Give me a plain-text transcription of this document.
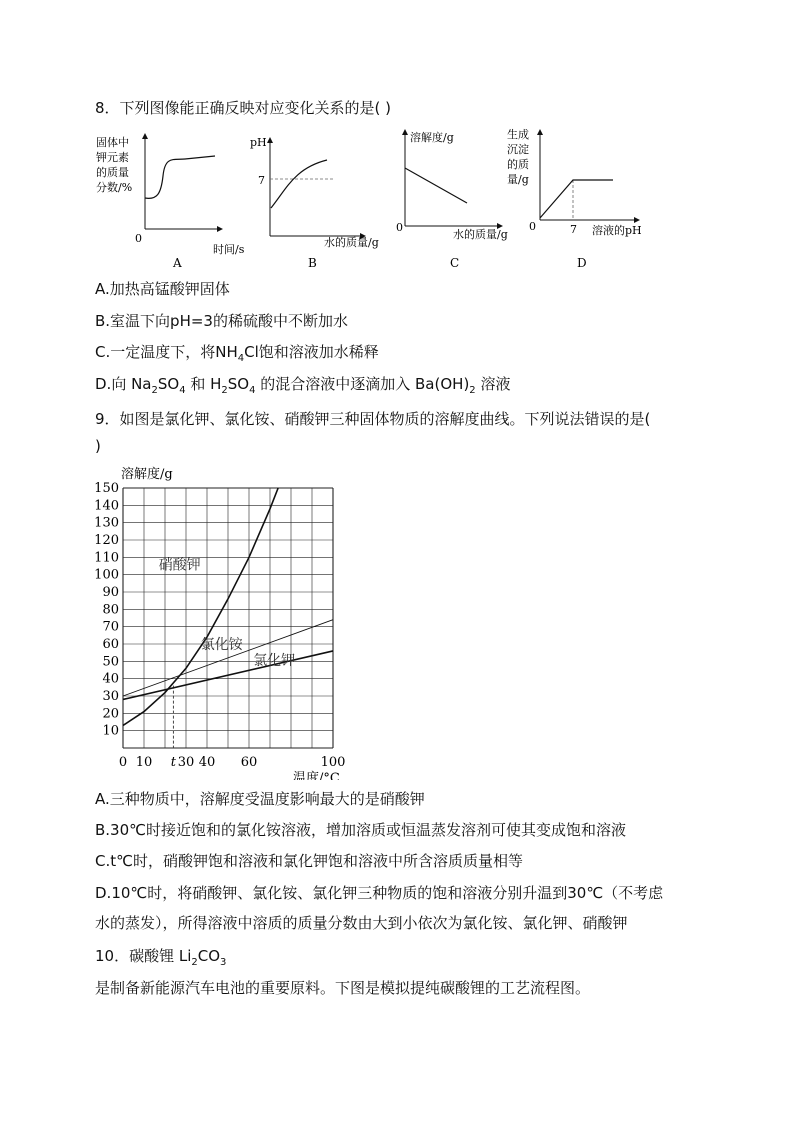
8．下列图像能正确反映对应变化关系的是( )
固体中
钾元素
的质量
分数/%
0
时间/s
A
pH
7
水的质量/g
B
溶解度/g
0
水的质量/g
C
生成
沉淀
的质
量/g
0	7 溶液的pH
D
A.加热高锰酸钾固体
B.室温下向pH=3的稀硫酸中不断加水
C.一定温度下，将$NH_4Cl$饱和溶液加水稀释
D.向 $Na_2SO_4$ 和 $H_2SO_4$ 的混合溶液中逐滴加入 $Ba(OH)_2$ 溶液
9．如图是氯化钾、氯化铵、硝酸钾三种固体物质的溶解度曲线。下列说法错误的是(
)
10
20
30
40
50
60
70
80
90
100
110
120
130
140
150
0 10 t 30 40 60	100
溶解度/g
温度/°C
硝酸钾
氯化铵
氯化钾
A.三种物质中，溶解度受温度影响最大的是硝酸钾
B.30℃时接近饱和的氯化铵溶液，增加溶质或恒温蒸发溶剂可使其变成饱和溶液
C.t℃时，硝酸钾饱和溶液和氯化钾饱和溶液中所含溶质质量相等
D.10℃时，将硝酸钾、氯化铵、氯化钾三种物质的饱和溶液分别升温到30℃（不考虑
水的蒸发），所得溶液中溶质的质量分数由大到小依次为氯化铵、氯化钾、硝酸钾
10．碳酸锂 $Li_2CO_3$
是制备新能源汽车电池的重要原料。下图是模拟提纯碳酸锂的工艺流程图。
